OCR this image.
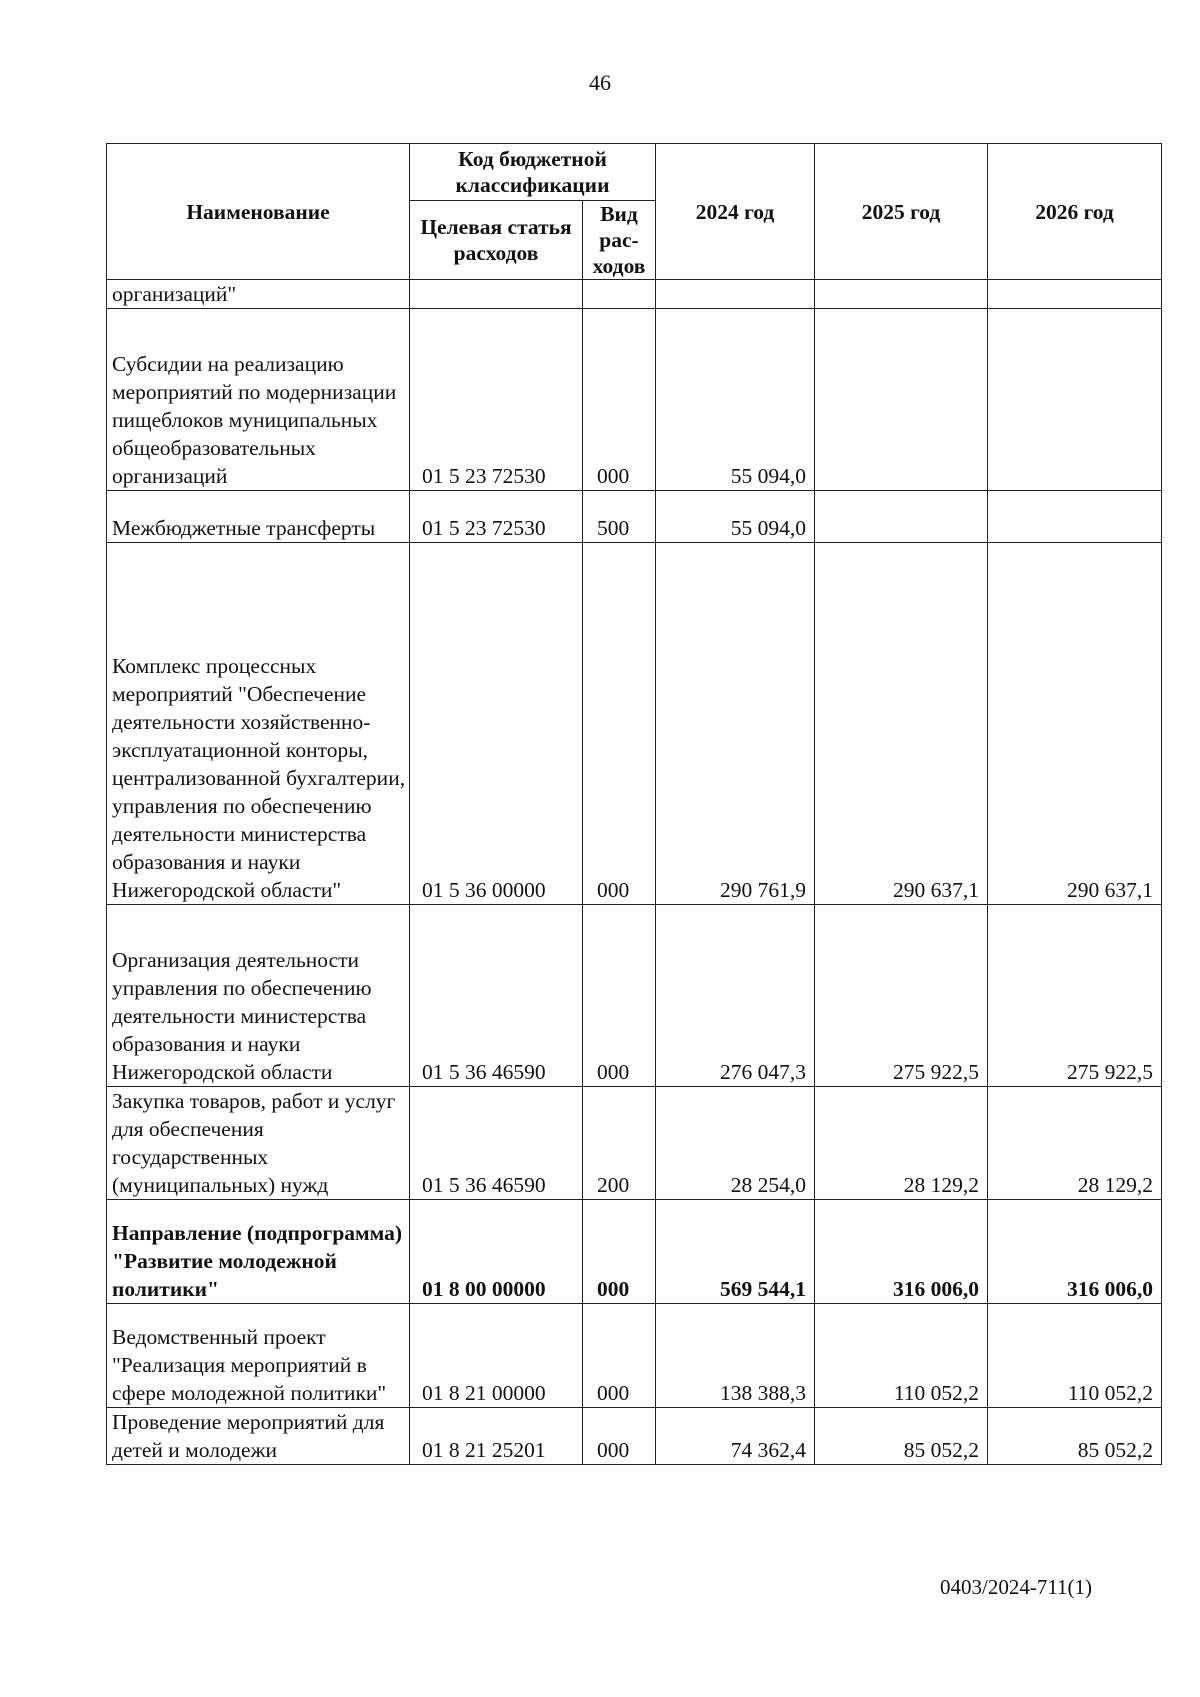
46
Наименование	Код бюджетной классификации		2024 год	2025 год	2026 год
	Целевая статья расходов	Вид рас-ходов			
организаций"					
Субсидии на реализацию мероприятий по модернизации пищеблоков муниципальных общеобразовательных организаций	01 5 23 72530	000	55 094,0		
Межбюджетные трансферты	01 5 23 72530	500	55 094,0		
Комплекс процессных мероприятий "Обеспечение деятельности хозяйственно-эксплуатационной конторы, централизованной бухгалтерии, управления по обеспечению деятельности министерства образования и науки Нижегородской области"	01 5 36 00000	000	290 761,9	290 637,1	290 637,1
Организация деятельности управления по обеспечению деятельности министерства образования и науки Нижегородской области	01 5 36 46590	000	276 047,3	275 922,5	275 922,5
Закупка товаров, работ и услуг для обеспечения государственных (муниципальных) нужд	01 5 36 46590	200	28 254,0	28 129,2	28 129,2
Направление (подпрограмма) "Развитие молодежной политики"	01 8 00 00000	000	569 544,1	316 006,0	316 006,0
Ведомственный проект "Реализация мероприятий в сфере молодежной политики"	01 8 21 00000	000	138 388,3	110 052,2	110 052,2
Проведение мероприятий для детей и молодежи	01 8 21 25201	000	74 362,4	85 052,2	85 052,2
0403/2024-711(1)
